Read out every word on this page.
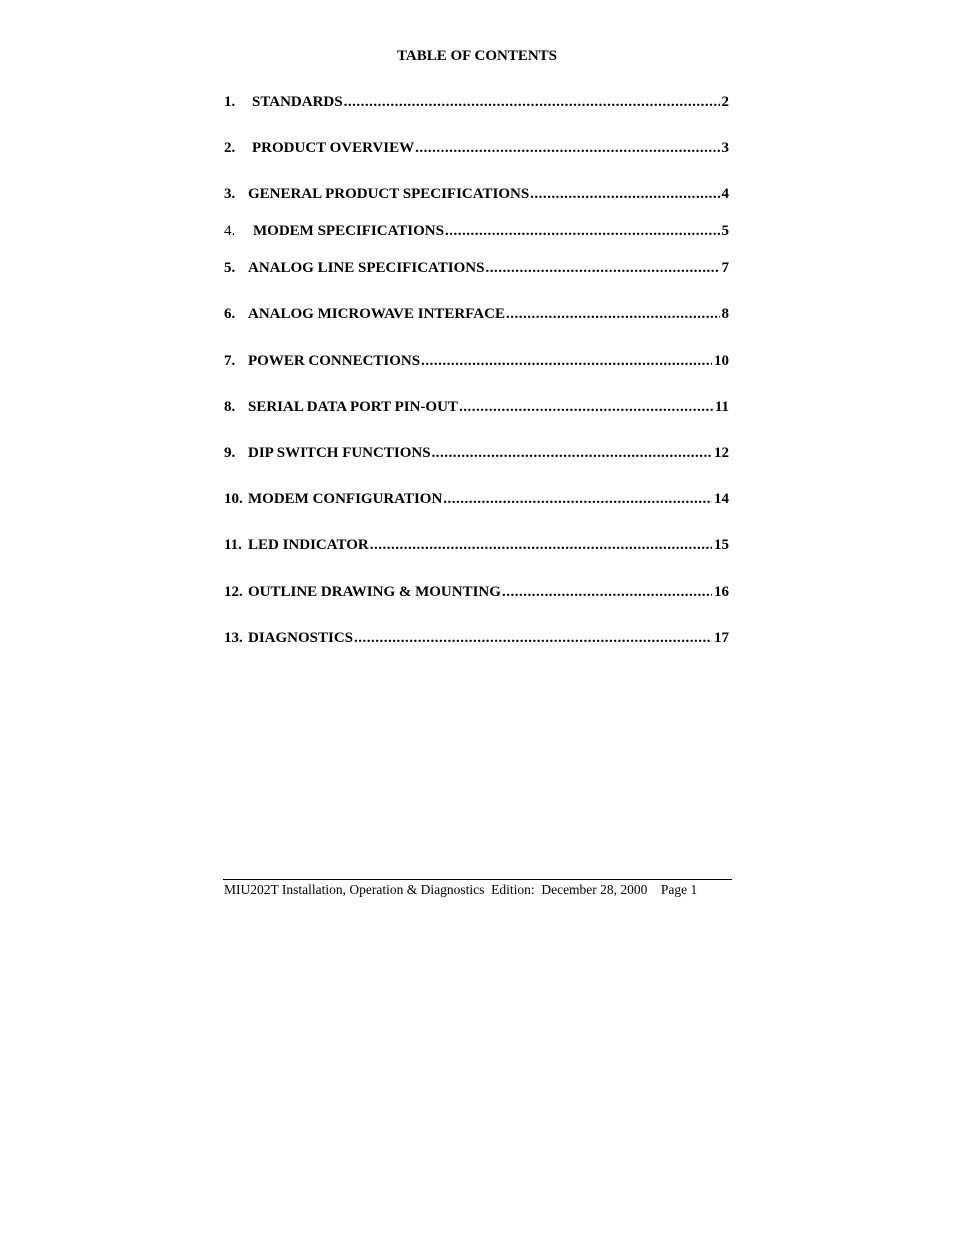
TABLE OF CONTENTS
1.	STANDARDS .....	2
2.	PRODUCT OVERVIEW .....	3
3. GENERAL PRODUCT SPECIFICATIONS .....	4
4.	MODEM SPECIFICATIONS .....	5
5. ANALOG LINE SPECIFICATIONS .....	7
6. ANALOG MICROWAVE INTERFACE .....	8
7. POWER CONNECTIONS .....	10
8. SERIAL DATA PORT PIN-OUT .....	11
9. DIP SWITCH FUNCTIONS .....	12
10. MODEM CONFIGURATION .....	14
11. LED INDICATOR .....	15
12. OUTLINE DRAWING & MOUNTING .....	16
13. DIAGNOSTICS .....	17
MIU202T Installation, Operation & Diagnostics  Edition:  December 28, 2000    Page 1
